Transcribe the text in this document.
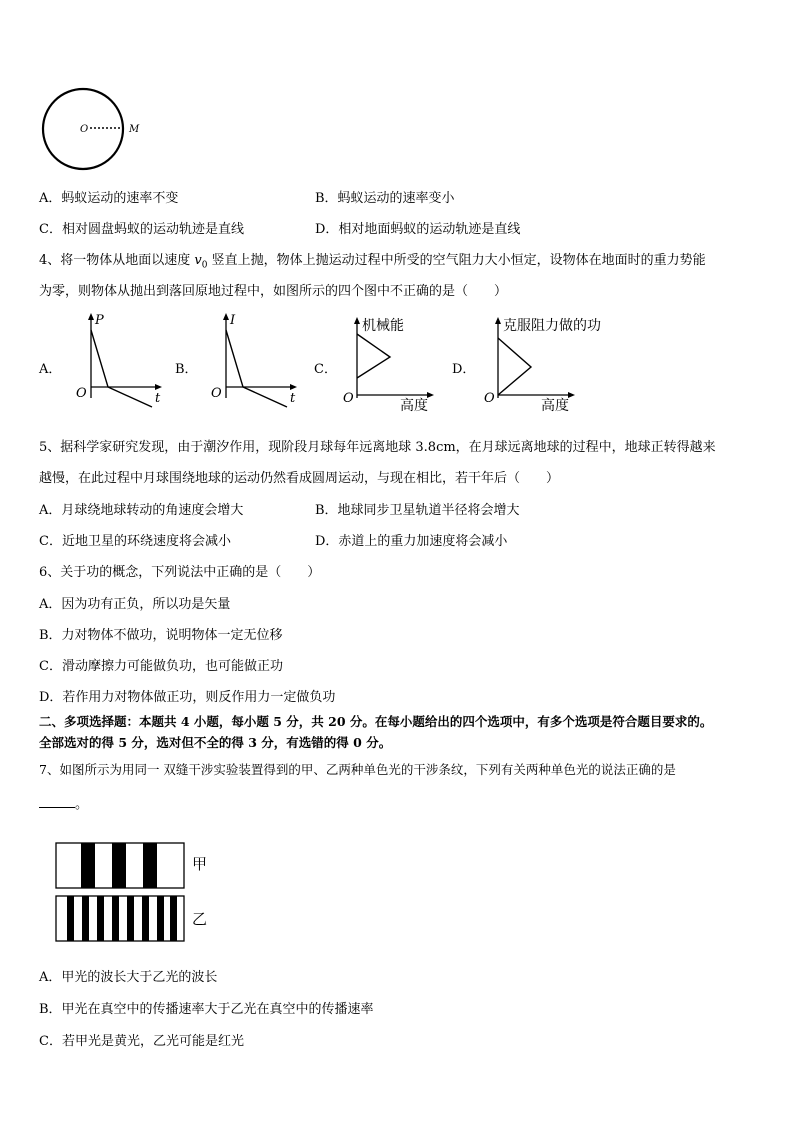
O	M
A．蚂蚁运动的速率不变	B．蚂蚁运动的速率变小
C．相对圆盘蚂蚁的运动轨迹是直线	D．相对地面蚂蚁的运动轨迹是直线
4、将一物体从地面以速度 $v_0$ 竖直上抛，物体上抛运动过程中所受的空气阻力大小恒定，设物体在地面时的重力势能
为零，则物体从抛出到落回原地过程中，如图所示的四个图中不正确的是（　　）
A．
P
t
O
B．
I
t
O
C．
机械能
高度
O
D．
克服阻力做的功
高度
O
5、据科学家研究发现，由于潮汐作用，现阶段月球每年远离地球 3.8cm，在月球远离地球的过程中，地球正转得越来
越慢，在此过程中月球围绕地球的运动仍然看成圆周运动，与现在相比，若干年后（　　）
A．月球绕地球转动的角速度会增大	B．地球同步卫星轨道半径将会增大
C．近地卫星的环绕速度将会减小	D．赤道上的重力加速度将会减小
6、关于功的概念，下列说法中正确的是（　　）
A．因为功有正负，所以功是矢量
B．力对物体不做功，说明物体一定无位移
C．滑动摩擦力可能做负功，也可能做正功
D．若作用力对物体做正功，则反作用力一定做负功
二、多项选择题：本题共 4 小题，每小题 5 分，共 20 分。在每小题给出的四个选项中，有多个选项是符合题目要求的。
全部选对的得 5 分，选对但不全的得 3 分，有选错的得 0 分。
7、如图所示为用同一 双缝干涉实验装置得到的甲、乙两种单色光的干涉条纹，下列有关两种单色光的说法正确的是
。
甲
乙
A．甲光的波长大于乙光的波长
B．甲光在真空中的传播速率大于乙光在真空中的传播速率
C．若甲光是黄光，乙光可能是红光
